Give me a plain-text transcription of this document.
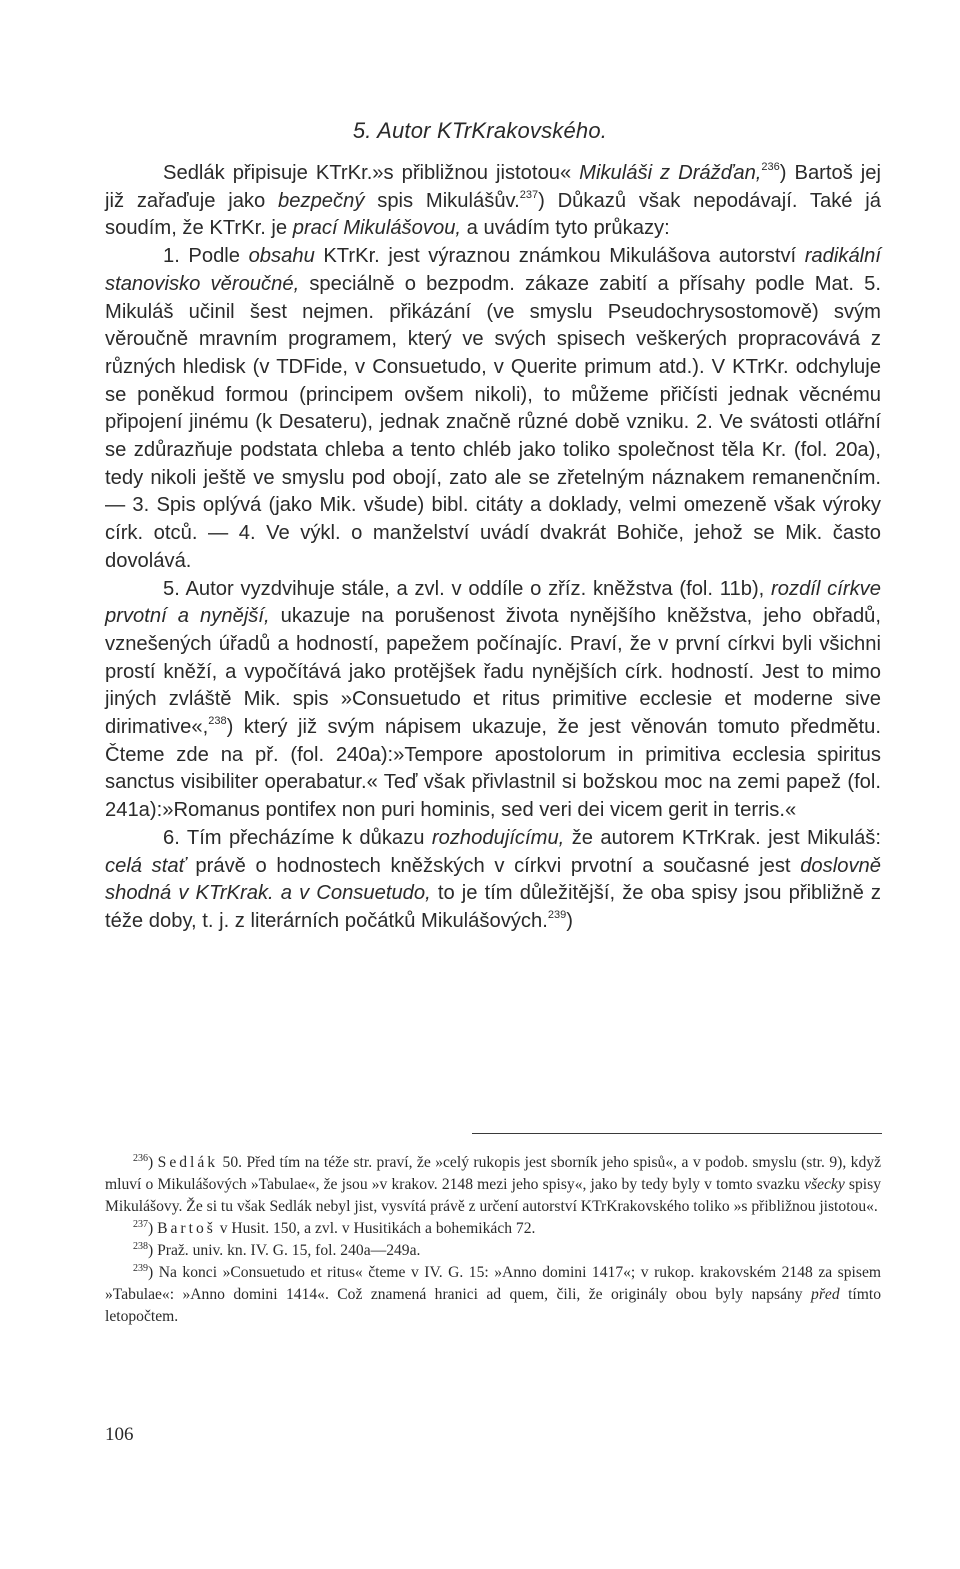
5. Autor KTrKrakovského.

Sedlák připisuje KTrKr.»s přibližnou jistotou« Mikuláši z Drážďan,$^{236}$) Bartoš jej již zařaďuje jako bezpečný spis Mikulášův.$^{237}$) Důkazů však nepodávají. Také já soudím, že KTrKr. je prací Mikulášovou, a uvádím tyto průkazy:

1. Podle obsahu KTrKr. jest výraznou známkou Mikulášova autorství radikální stanovisko věroučné, speciálně o bezpodm. zákaze zabití a přísahy podle Mat. 5. Mikuláš učinil šest nejmen. přikázání (ve smyslu Pseudochrysostomově) svým věroučně mravním programem, který ve svých spisech veškerých propracovává z různých hledisk (v TDFide, v Consuetudo, v Querite primum atd.). V KTrKr. odchyluje se poněkud formou (principem ovšem nikoli), to můžeme přičísti jednak věcnému připojení jinému (k Desateru), jednak značně různé době vzniku. 2. Ve svátosti otlářní se zdůrazňuje podstata chleba a tento chléb jako toliko společnost těla Kr. (fol. 20a), tedy nikoli ještě ve smyslu pod obojí, zato ale se zřetelným náznakem remanenčním. — 3. Spis oplývá (jako Mik. všude) bibl. citáty a doklady, velmi omezeně však výroky círk. otců. — 4. Ve výkl. o manželství uvádí dvakrát Bohiče, jehož se Mik. často dovolává.

5. Autor vyzdvihuje stále, a zvl. v oddíle o zříz. kněžstva (fol. 11b), rozdíl církve prvotní a nynější, ukazuje na porušenost života nynějšího kněžstva, jeho obřadů, vznešených úřadů a hodností, papežem počínajíc. Praví, že v první církvi byli všichni prostí kněží, a vypočítává jako protějšek řadu nynějších círk. hodností. Jest to mimo jiných zvláště Mik. spis »Consuetudo et ritus primitive ecclesie et moderne sive dirimative«,$^{238}$) který již svým nápisem ukazuje, že jest věnován tomuto předmětu. Čteme zde na př. (fol. 240a):»Tempore apostolorum in primitiva ecclesia spiritus sanctus visibiliter operabatur.« Teď však přivlastnil si božskou moc na zemi papež (fol. 241a):»Romanus pontifex non puri hominis, sed veri dei vicem gerit in terris.«

6. Tím přecházíme k důkazu rozhodujícímu, že autorem KTrKrak. jest Mikuláš: celá stať právě o hodnostech kněžských v církvi prvotní a současné jest doslovně shodná v KTrKrak. a v Consuetudo, to je tím důležitější, že oba spisy jsou přibližně z téže doby, t. j. z literárních počátků Mikulášových.$^{239}$)

$^{236}$) Sedlák 50. Před tím na téže str. praví, že »celý rukopis jest sborník jeho spisů«, a v podob. smyslu (str. 9), když mluví o Mikulášových »Tabulae«, že jsou »v krakov. 2148 mezi jeho spisy«, jako by tedy byly v tomto svazku všecky spisy Mikulášovy. Že si tu však Sedlák nebyl jist, vysvítá právě z určení autorství KTrKrakovského toliko »s přibližnou jistotou«.

$^{237}$) Bartoš v Husit. 150, a zvl. v Husitikách a bohemikách 72.

$^{238}$) Praž. univ. kn. IV. G. 15, fol. 240a—249a.

$^{239}$) Na konci »Consuetudo et ritus« čteme v IV. G. 15: »Anno domini 1417«; v rukop. krakovském 2148 za spisem »Tabulae«: »Anno domini 1414«. Což znamená hranici ad quem, čili, že originály obou byly napsány před tímto letopočtem.

106
